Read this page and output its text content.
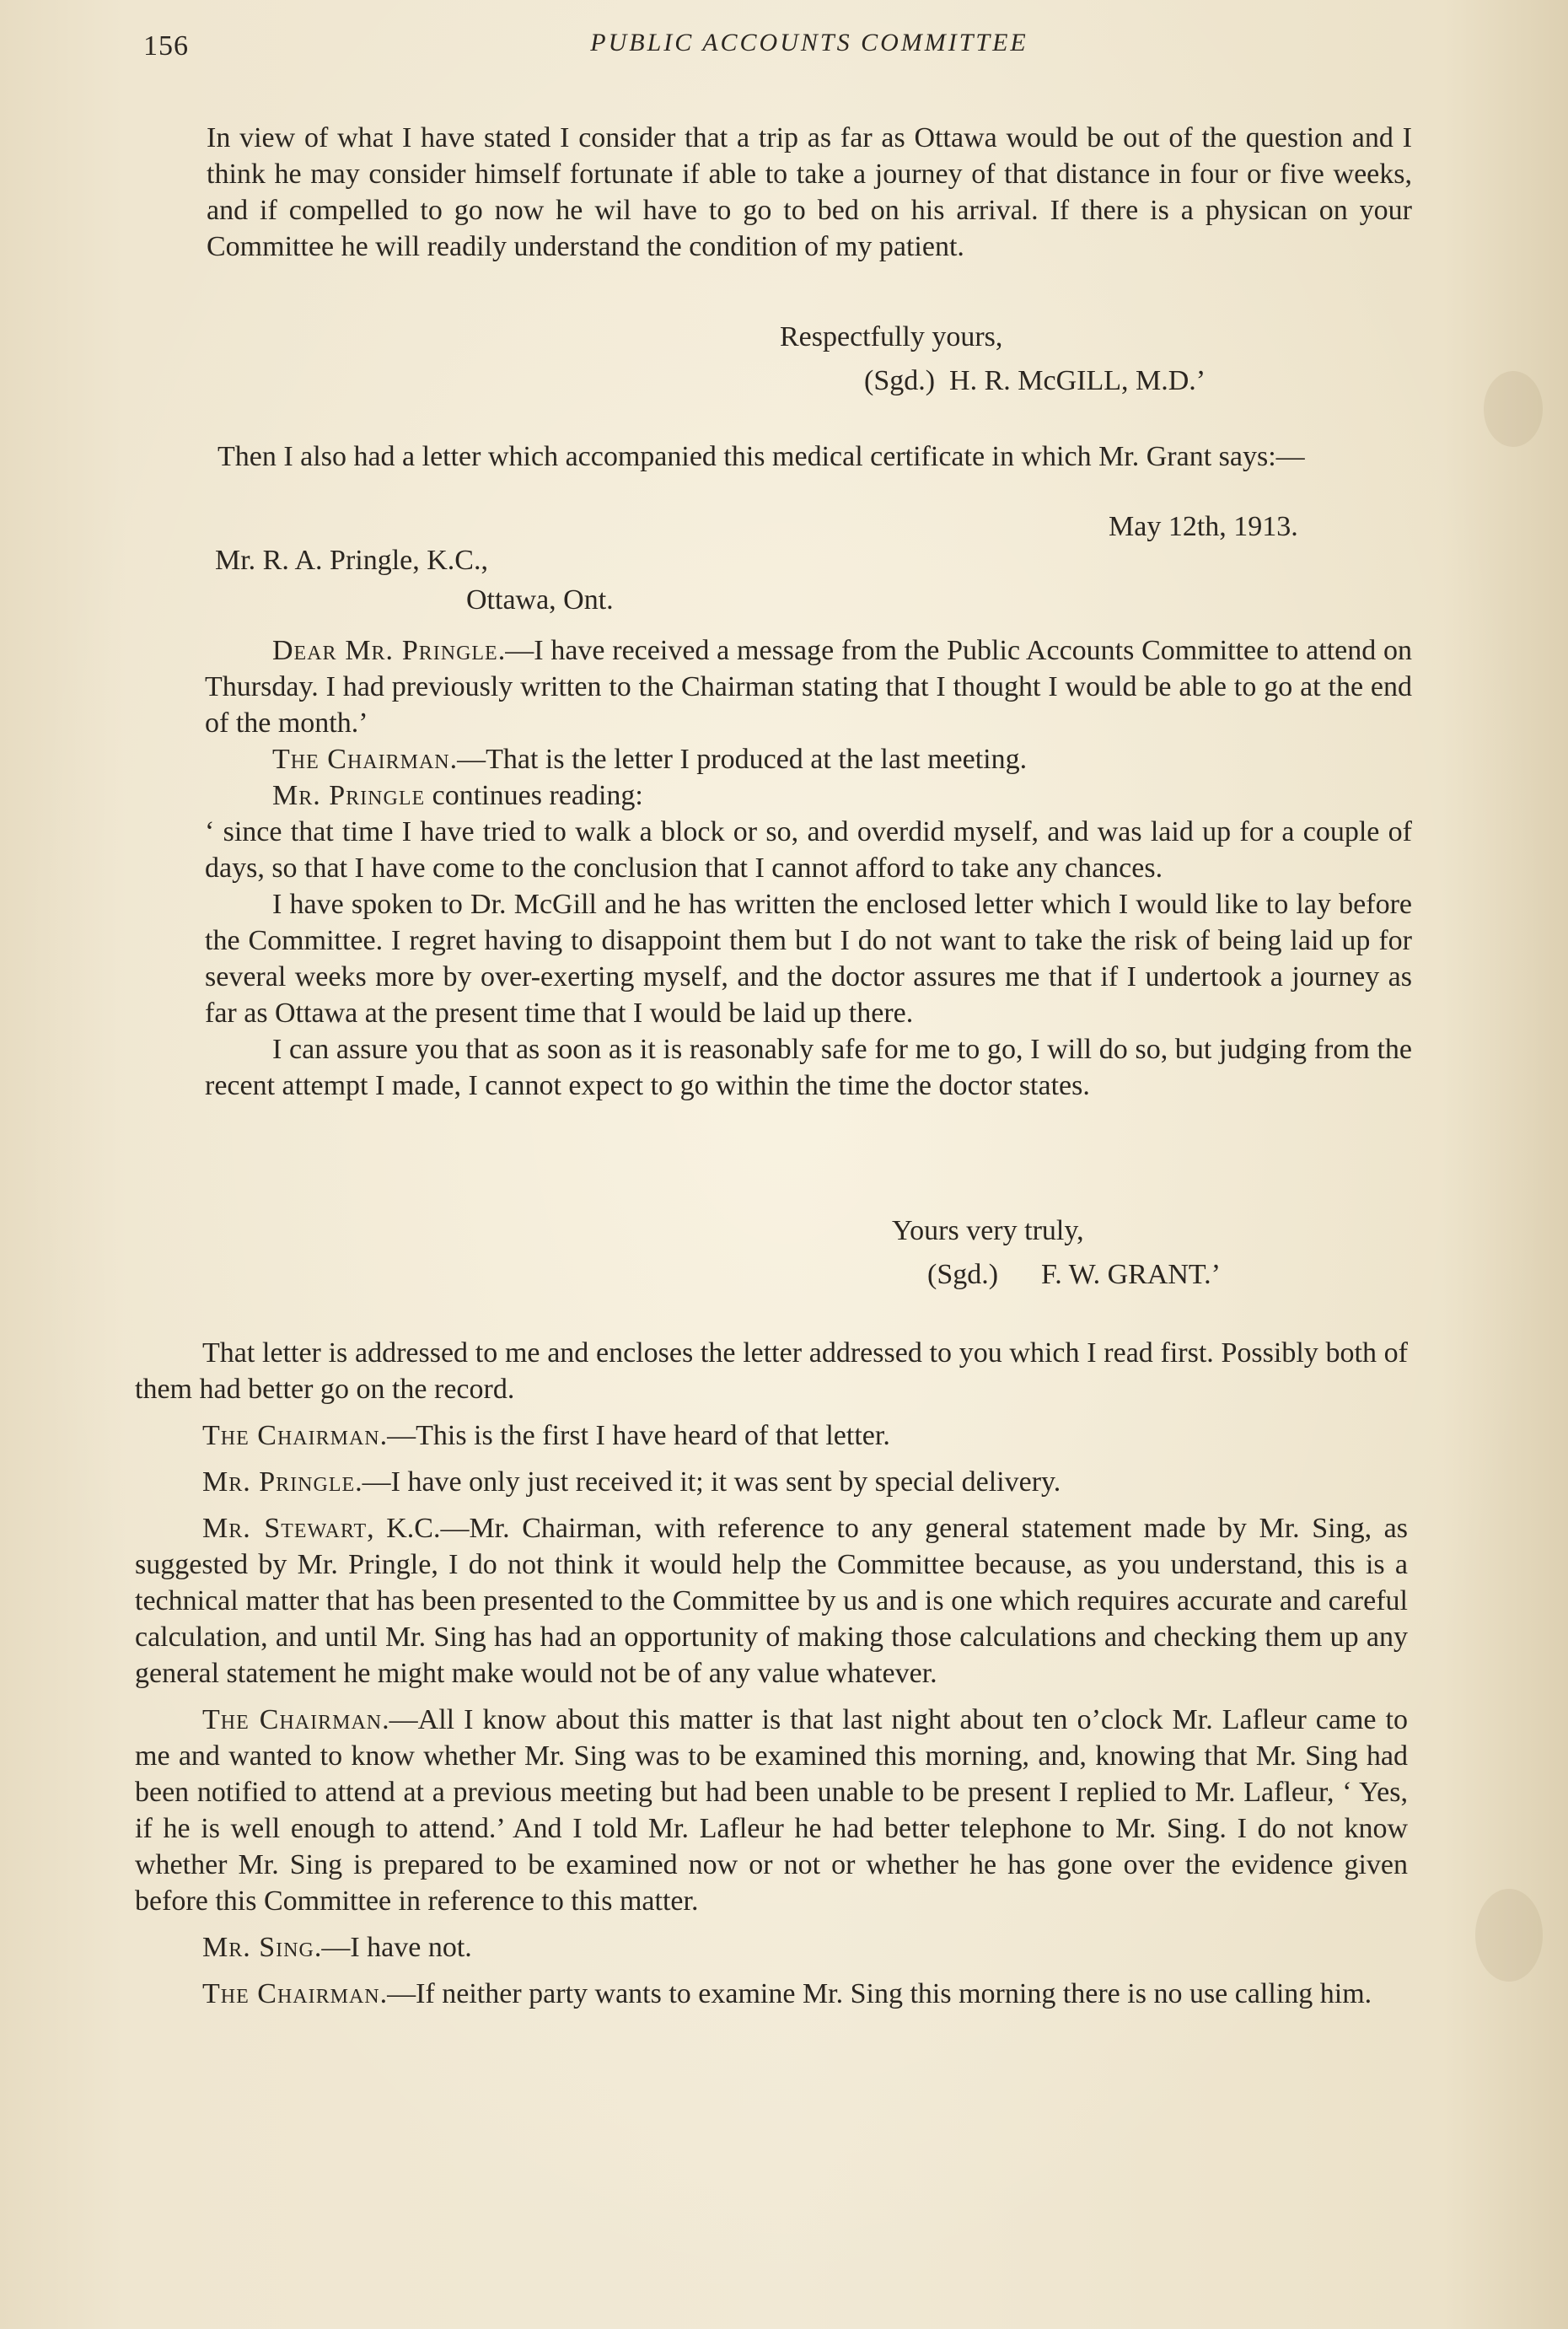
156	PUBLIC ACCOUNTS COMMITTEE

In view of what I have stated I consider that a trip as far as Ottawa would be out of the question and I think he may consider himself fortunate if able to take a journey of that distance in four or five weeks, and if compelled to go now he wil have to go to bed on his arrival. If there is a physican on your Committee he will readily understand the condition of my patient.

Respectfully yours,
(Sgd.)  H. R. McGILL, M.D.’

Then I also had a letter which accompanied this medical certificate in which Mr. Grant says:—

May 12th, 1913.
Mr. R. A. Pringle, K.C.,
Ottawa, Ont.

Dear Mr. Pringle.—I have received a message from the Public Accounts Committee to attend on Thursday. I had previously written to the Chairman stating that I thought I would be able to go at the end of the month.’

The Chairman.—That is the letter I produced at the last meeting.

Mr. Pringle continues reading:

‘ since that time I have tried to walk a block or so, and overdid myself, and was laid up for a couple of days, so that I have come to the conclusion that I cannot afford to take any chances.

I have spoken to Dr. McGill and he has written the enclosed letter which I would like to lay before the Committee. I regret having to disappoint them but I do not want to take the risk of being laid up for several weeks more by over-exerting myself, and the doctor assures me that if I undertook a journey as far as Ottawa at the present time that I would be laid up there.

I can assure you that as soon as it is reasonably safe for me to go, I will do so, but judging from the recent attempt I made, I cannot expect to go within the time the doctor states.

Yours very truly,
(Sgd.)      F. W. GRANT.’

That letter is addressed to me and encloses the letter addressed to you which I read first. Possibly both of them had better go on the record.

The Chairman.—This is the first I have heard of that letter.

Mr. Pringle.—I have only just received it; it was sent by special delivery.

Mr. Stewart, K.C.—Mr. Chairman, with reference to any general statement made by Mr. Sing, as suggested by Mr. Pringle, I do not think it would help the Committee because, as you understand, this is a technical matter that has been presented to the Committee by us and is one which requires accurate and careful calculation, and until Mr. Sing has had an opportunity of making those calculations and checking them up any general statement he might make would not be of any value whatever.

The Chairman.—All I know about this matter is that last night about ten o’clock Mr. Lafleur came to me and wanted to know whether Mr. Sing was to be examined this morning, and, knowing that Mr. Sing had been notified to attend at a previous meeting but had been unable to be present I replied to Mr. Lafleur, ‘ Yes, if he is well enough to attend.’ And I told Mr. Lafleur he had better telephone to Mr. Sing. I do not know whether Mr. Sing is prepared to be examined now or not or whether he has gone over the evidence given before this Committee in reference to this matter.

Mr. Sing.—I have not.

The Chairman.—If neither party wants to examine Mr. Sing this morning there is no use calling him.
